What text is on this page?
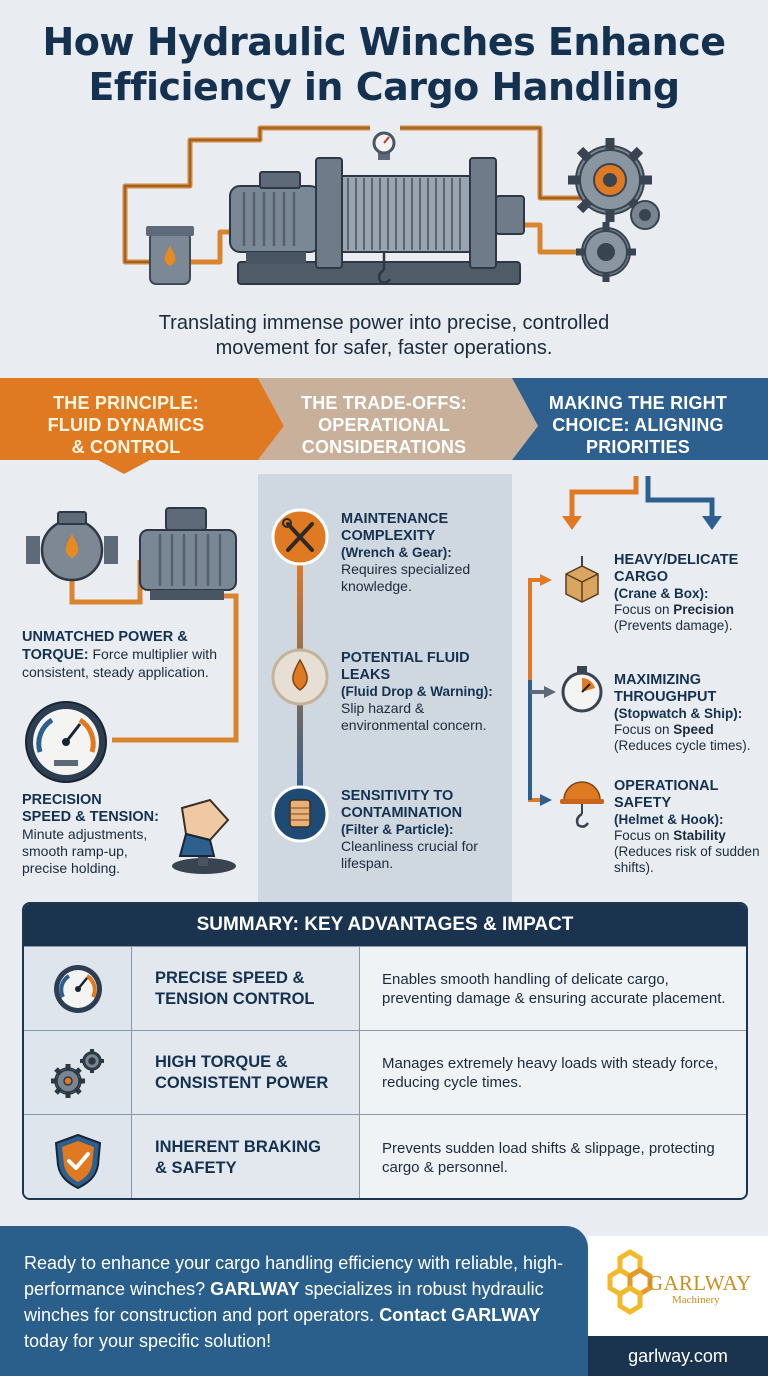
How Hydraulic Winches Enhance
Efficiency in Cargo Handling
Translating immense power into precise, controlled
movement for safer, faster operations.
THE PRINCIPLE:
FLUID DYNAMICS
& CONTROL
THE TRADE-OFFS:
OPERATIONAL
CONSIDERATIONS
MAKING THE RIGHT
CHOICE: ALIGNING
PRIORITIES
UNMATCHED POWER &
TORQUE: Force multiplier with consistent, steady application.
PRECISION
SPEED & TENSION:
Minute adjustments, smooth ramp-up, precise holding.
MAINTENANCE
COMPLEXITY
(Wrench & Gear):
Requires specialized knowledge.
POTENTIAL FLUID
LEAKS
(Fluid Drop & Warning):
Slip hazard & environmental concern.
SENSITIVITY TO
CONTAMINATION
(Filter & Particle):
Cleanliness crucial for lifespan.
HEAVY/DELICATE
CARGO
(Crane & Box):
Focus on Precision
(Prevents damage).
MAXIMIZING
THROUGHPUT
(Stopwatch & Ship):
Focus on Speed
(Reduces cycle times).
OPERATIONAL
SAFETY
(Helmet & Hook):
Focus on Stability
(Reduces risk of sudden shifts).
SUMMARY: KEY ADVANTAGES & IMPACT
PRECISE SPEED &
TENSION CONTROL
Enables smooth handling of delicate cargo, preventing damage & ensuring accurate placement.
HIGH TORQUE &
CONSISTENT POWER
Manages extremely heavy loads with steady force, reducing cycle times.
INHERENT BRAKING
& SAFETY
Prevents sudden load shifts & slippage, protecting cargo & personnel.
Ready to enhance your cargo handling efficiency with reliable, high-performance winches? GARLWAY specializes in robust hydraulic winches for construction and port operators. Contact GARLWAY today for your specific solution!
GARLWAY
Machinery
garlway.com
